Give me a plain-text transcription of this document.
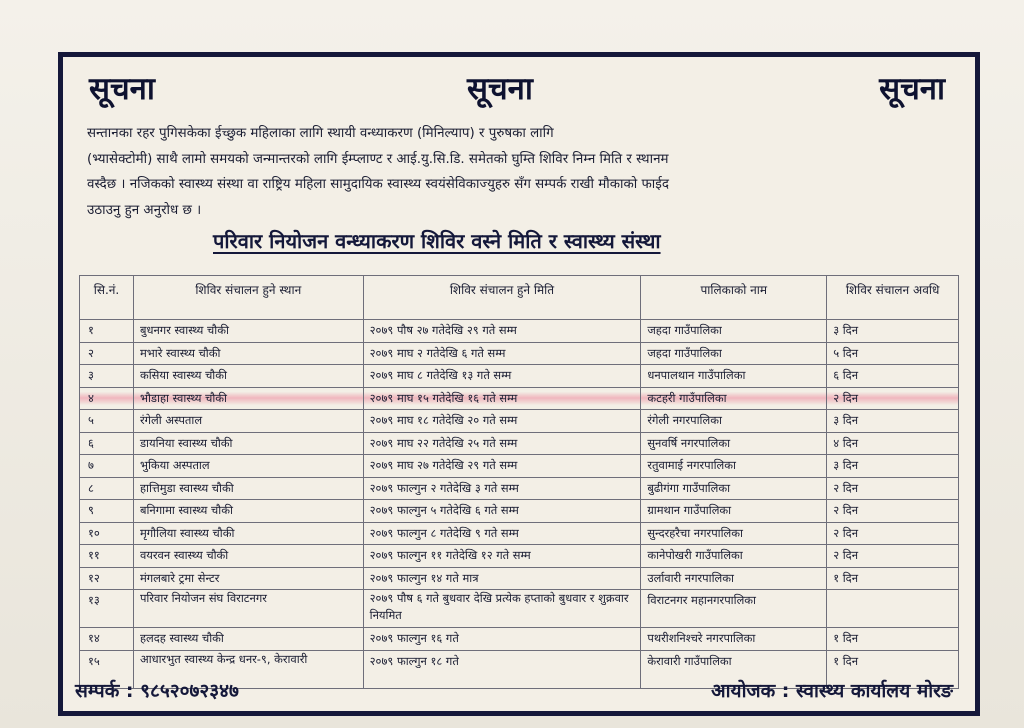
सूचना	सूचना	सूचना
सन्तानका रहर पुगिसकेका ईच्छुक महिलाका लागि स्थायी वन्ध्याकरण (मिनिल्याप) र पुरुषका लागि
(भ्यासेक्टोमी) साथै लामो समयको जन्मान्तरको लागि ईम्प्लाण्ट र आई.यु.सि.डि. समेतको घुम्ति शिविर निम्न मिति र स्थानम
वस्दैछ । नजिकको स्वास्थ्य संस्था वा राष्ट्रिय महिला सामुदायिक स्वास्थ्य स्वयंसेविकाज्युहरु सँग सम्पर्क राखी मौकाको फाईद
उठाउनु हुन अनुरोध छ ।
परिवार नियोजन वन्ध्याकरण शिविर वस्ने मिति र स्वास्थ्य संस्था
सि.नं.	शिविर संचालन हुने स्थान	शिविर संचालन हुने मिति	पालिकाको नाम	शिविर संचालन अवधि
१	बुधनगर स्वास्थ्य चौकी	२०७९ पौष २७ गतेदेखि २९ गते सम्म	जहदा गाउँपालिका	३ दिन
२	मभारे स्वास्थ्य चौकी	२०७९ माघ २ गतेदेखि ६ गते सम्म	जहदा गाउँपालिका	५ दिन
३	कसिया स्वास्थ्य चौकी	२०७९ माघ ८ गतेदेखि १३ गते सम्म	धनपालथान गाउँपालिका	६ दिन
४	भौडाहा स्वास्थ्य चौकी	२०७९ माघ १५ गतेदेखि १६ गते सम्म	कटहरी गाउँपालिका	२ दिन
५	रंगेली अस्पताल	२०७९ माघ १८ गतेदेखि २० गते सम्म	रंगेली नगरपालिका	३ दिन
६	डायनिया स्वास्थ्य चौकी	२०७९ माघ २२ गतेदेखि २५ गते सम्म	सुनवर्षि नगरपालिका	४ दिन
७	भुकिया अस्पताल	२०७९ माघ २७ गतेदेखि २९ गते सम्म	रतुवामाई नगरपालिका	३ दिन
८	हात्तिमुडा स्वास्थ्य चौकी	२०७९ फाल्गुन २ गतेदेखि ३ गते सम्म	बुढीगंगा गाउँपालिका	२ दिन
९	बनिगामा स्वास्थ्य चौकी	२०७९ फाल्गुन ५ गतेदेखि ६ गते सम्म	ग्रामथान गाउँपालिका	२ दिन
१०	मृगौलिया स्वास्थ्य चौकी	२०७९ फाल्गुन ८ गतेदेखि ९ गते सम्म	सुन्दरहरैचा नगरपालिका	२ दिन
११	वयरवन स्वास्थ्य चौकी	२०७९ फाल्गुन ११ गतेदेखि १२ गते सम्म	कानेपोखरी गाउँपालिका	२ दिन
१२	मंगलबारे ट्रमा सेन्टर	२०७९ फाल्गुन १४ गते मात्र	उर्लावारी नगरपालिका	१ दिन
१३	परिवार नियोजन संघ विराटनगर	२०७९ पौष ६ गते बुधवार देखि प्रत्येक हप्ताको बुधवार र शुक्रवार नियमित	विराटनगर महानगरपालिका	
१४	हलदह स्वास्थ्य चौकी	२०७९ फाल्गुन १६ गते	पथरीशनिश्चरे नगरपालिका	१ दिन
१५	आधारभुत स्वास्थ्य केन्द्र धनर-९, केरावारी	२०७९ फाल्गुन १८ गते	केरावारी गाउँपालिका	१ दिन
सम्पर्क : ९८५२०७२३४७	आयोजक : स्वास्थ्य कार्यालय मोरङ
